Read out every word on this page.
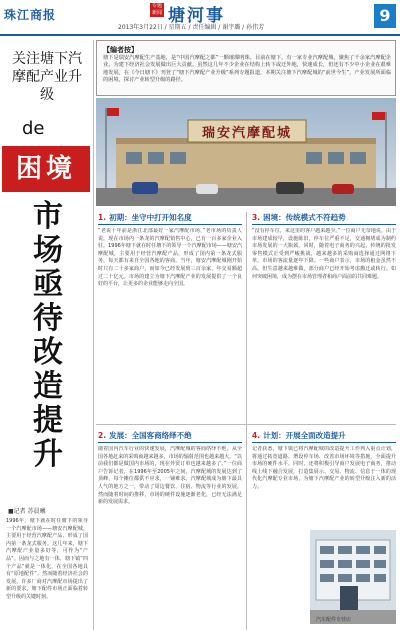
珠江商报
专题新闻 塘河事
2013年3月22日 / 星期五 / 责任编辑 / 谢宇璐 / 孙伟芳
9
关注塘下汽摩配产业升级
de
困境
市场亟待改造提升
■记者 苏晨曦
1996年，塘下就在时任塘下的领导一个汽摩配市场——塘安汽摩配城，主要用于经营汽摩配产品，形成了国内第一条龙式服务。这几年来，塘下汽摩配产业量多好等，可作为“产品”。因而与之地有一体，塘下镇“四个产品”就是一体化，在全国各地具有“原地配件”。然而随着经济社会的发展，许多厂商对汽摩配市场提出了新的要求，塘下配件市场正面临着转型升级的关键时刻。
【编者按】
塘下是瑞安汽摩配生产基地，是“中国汽摩配之都”一颗璀璨明珠。目前在塘下，有一家专业汽摩配城，聚焦了千余家汽摩配企业。为建下经济社会发展做出巨大贡献。虽然这几年不少企业在结构上转下或迁外地，快速成长，但还有不少中小企业在艰难地发展，在《今日塘下》刊登了“塘下汽摩配产业升级”系列专题报道，本期关注塘下汽摩配城的“前世今生”，产业发展所面临的困境，探讨产业转型升级的路径。
瑞安汽摩配城
1. 初期：坐守中打开知名度
“老说十年前是浙江北部最好一家汽摩配市场，”老市场的负责人说，现在市场内一条龙的汽摩配销售中心，已有一百多家企业入驻。1996年塘下就在时任塘下的领导一个汽摩配市场——塘安汽摩配城，主要用于经营汽摩配产品，形成了国内第一条龙式服务，每天都有来自全国各地的客商。当年，塘安汽摩配城刚开始时只有二十多家商户，而如今已经发展到三百余家，年交易额超过二十亿元。市场的建立为塘下汽摩配产业的发展提供了一个良好的平台，让更多的企业能够走向全国。
3. 困境：传统模式不符趋势
“没有停车位，来这里的客户越来越少。”一位商户无奈地说。由于市场建成较早，设施陈旧，停车位严重不足，交通拥堵成为制约市场发展的一大瓶颈。同时，随着电子商务的兴起，传统的批发零售模式正受到严峻挑战，越来越多的采购商选择通过网络下单，市场的客流量逐年下降。一些商户表示，市场的租金虽然不高，但生意越来越难做，部分商户已经开始考虑搬迁或转行。如何突破困境，成为摆在市场管理者和商户面前的共同难题。
2. 发展：全国客商络绎不绝
随着国内汽车行业的快速发展，汽摩配城的客商络绎不绝。从全国各地赶来的采购商越来越多，市场的辐射范围也越来越大。“以前我们都是做国内市场的，现在外贸订单也越来越多了。”一位商户告诉记者，在1996年至2005年之间，汽摩配城的发展达到了顶峰，每个摊位都供不应求，一铺难求。汽摩配城成为塘下最具人气的地方之一，带动了周边餐饮、住宿、物流等行业的发展。然而随着时间的推移，市场的硬件设施逐渐老化，已经无法满足新的发展需求。
4. 计划：开展全面改造提升
记者获悉，塘下镇已将汽摩配城的改造提升工作列入重点计划，将通过拓宽道路、增设停车场、改善市场环境等措施，全面提升市场的硬件水平。同时，还将积极引导商户发展电子商务，推动线上线下融合发展，打造集展示、交易、物流、信息于一体的现代化汽摩配专业市场，为塘下汽摩配产业的转型升级注入新的活力。
汽车配件专营店
